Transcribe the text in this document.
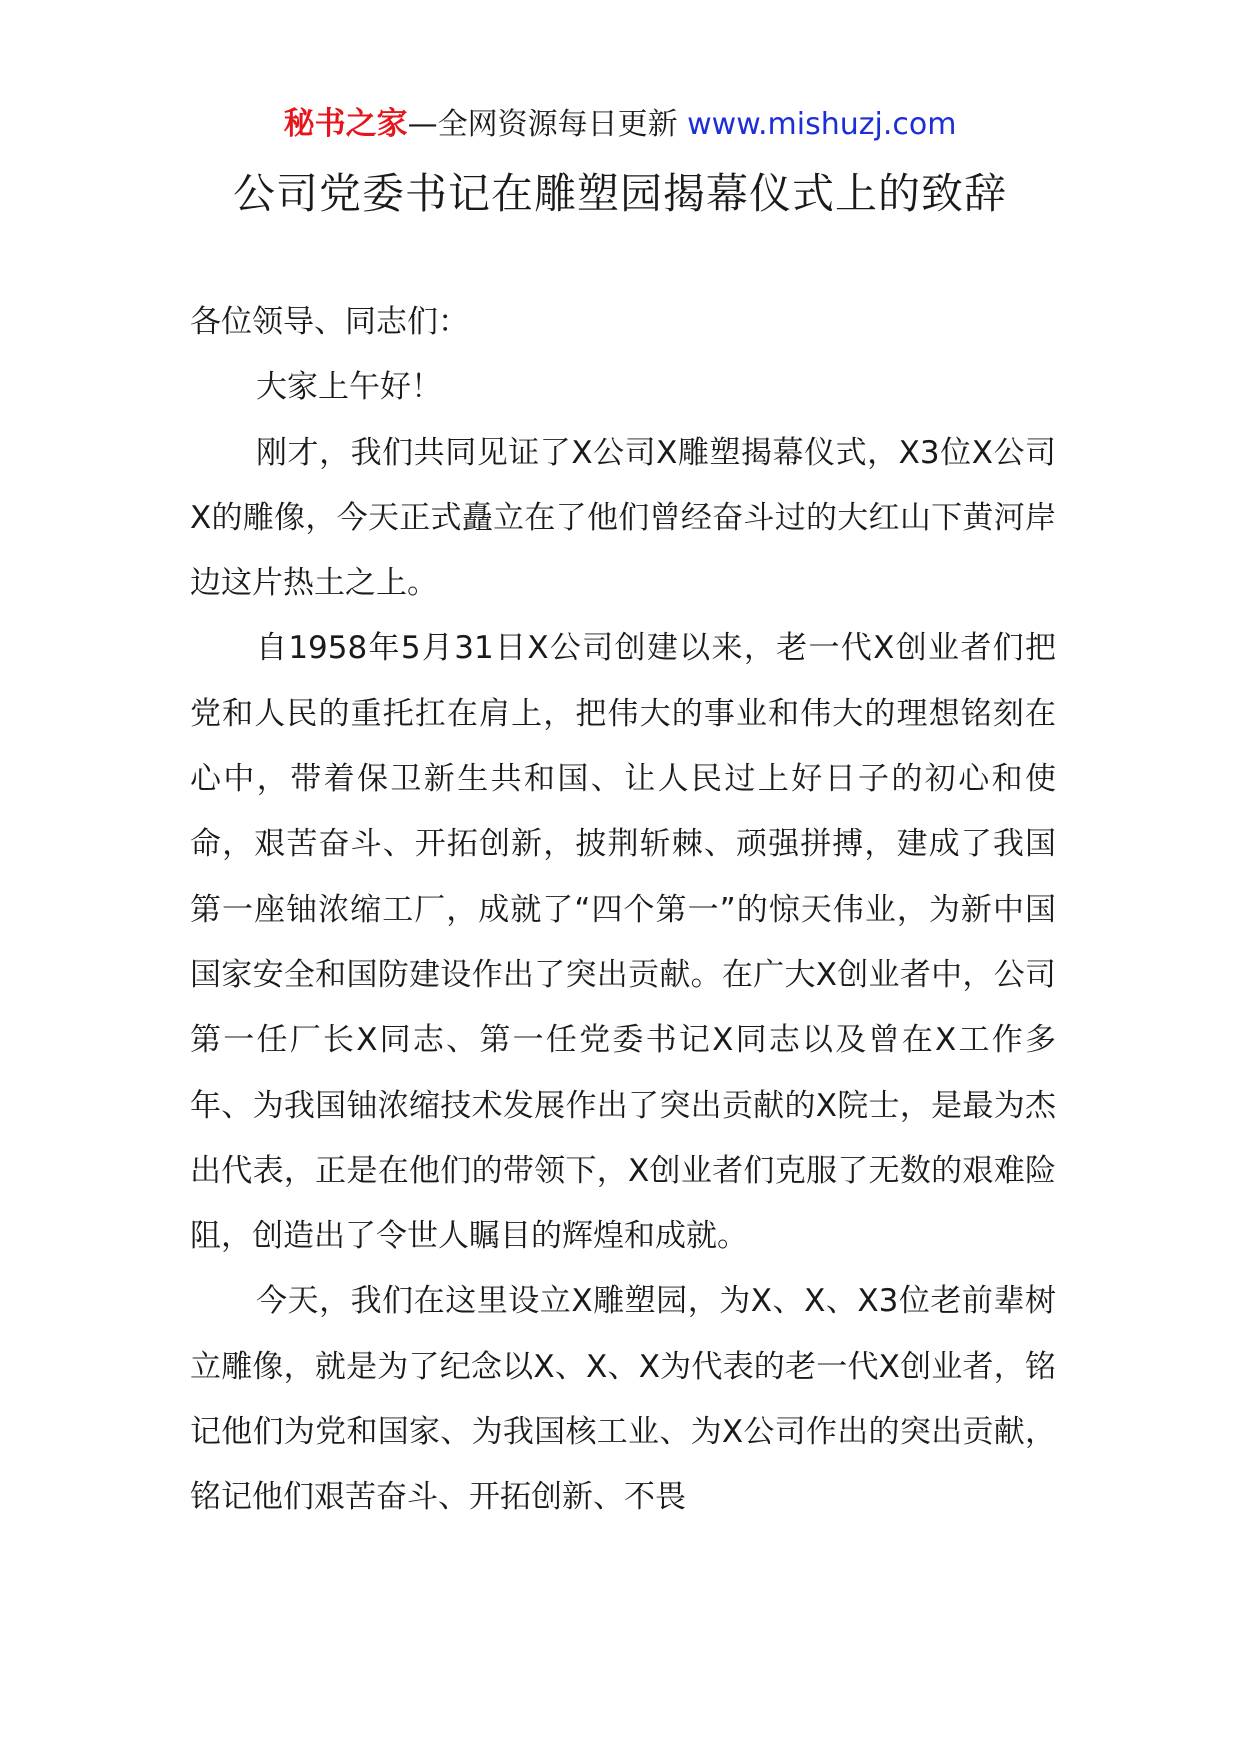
秘书之家—全网资源每日更新 www.mishuzj.com
公司党委书记在雕塑园揭幕仪式上的致辞

各位领导、同志们：

大家上午好！

刚才，我们共同见证了X公司X雕塑揭幕仪式，X3位X公司X的雕像，今天正式矗立在了他们曾经奋斗过的大红山下黄河岸边这片热土之上。

自1958年5月31日X公司创建以来，老一代X创业者们把党和人民的重托扛在肩上，把伟大的事业和伟大的理想铭刻在心中，带着保卫新生共和国、让人民过上好日子的初心和使命，艰苦奋斗、开拓创新，披荆斩棘、顽强拼搏，建成了我国第一座铀浓缩工厂，成就了“四个第一”的惊天伟业，为新中国国家安全和国防建设作出了突出贡献。在广大X创业者中，公司第一任厂长X同志、第一任党委书记X同志以及曾在X工作多年、为我国铀浓缩技术发展作出了突出贡献的X院士，是最为杰出代表，正是在他们的带领下，X创业者们克服了无数的艰难险阻，创造出了令世人瞩目的辉煌和成就。

今天，我们在这里设立X雕塑园，为X、X、X3位老前辈树立雕像，就是为了纪念以X、X、X为代表的老一代X创业者，铭记他们为党和国家、为我国核工业、为X公司作出的突出贡献，铭记他们艰苦奋斗、开拓创新、不畏
